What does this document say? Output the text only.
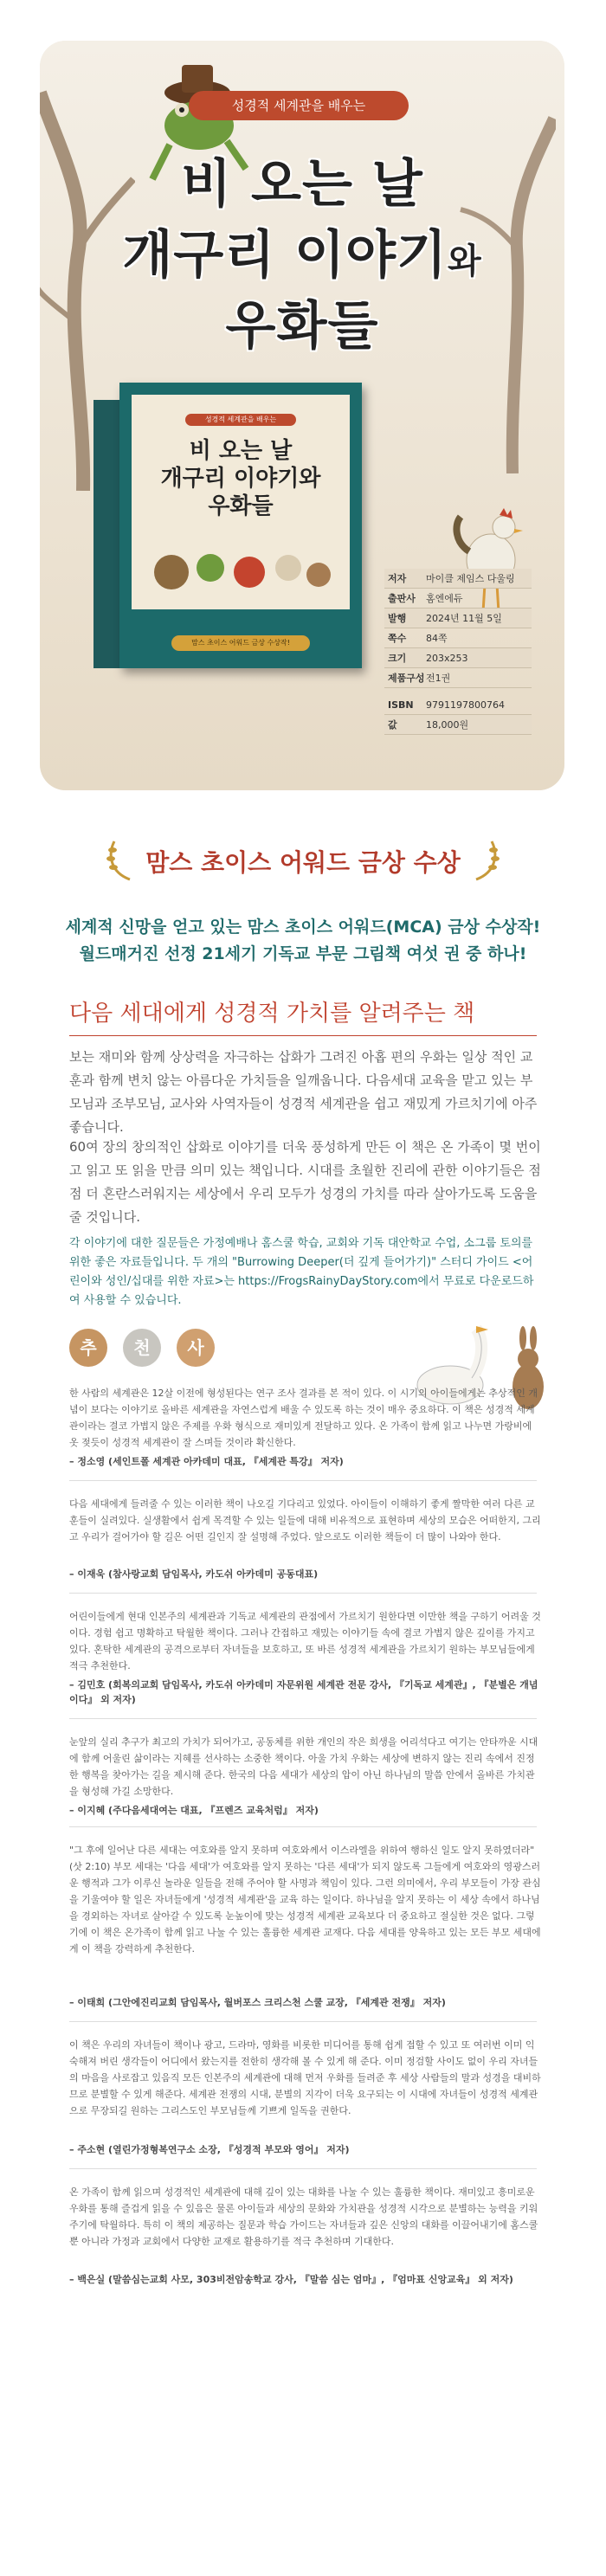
성경적 세계관을 배우는
비 오는 날
개구리 이야기와
우화들
성경적 세계관을 배우는
비 오는 날
개구리 이야기와
우화들
맘스 초이스 어워드 금상 수상작!
저자	마이클 제임스 다울링
출판사	홈엔에듀
발행	2024년 11월 5일
쪽수	84쪽
크기	203x253
제품구성 전1권
ISBN	9791197800764
값	18,000원
맘스 초이스 어워드 금상 수상
세계적 신망을 얻고 있는 맘스 초이스 어워드(MCA) 금상 수상작!
월드매거진 선정 21세기 기독교 부문 그림책 여섯 권 중 하나!
다음 세대에게 성경적 가치를 알려주는 책
보는 재미와 함께 상상력을 자극하는 삽화가 그려진 아홉 편의 우화는 일상 적인 교훈과 함께 변치 않는 아름다운 가치들을 일깨웁니다. 다음세대 교육을 맡고 있는 부모님과 조부모님, 교사와 사역자들이 성경적 세계관을 쉽고 재밌게 가르치기에 아주 좋습니다.
60여 장의 창의적인 삽화로 이야기를 더욱 풍성하게 만든 이 책은 온 가족이 몇 번이고 읽고 또 읽을 만큼 의미 있는 책입니다. 시대를 초월한 진리에 관한 이야기들은 점점 더 혼란스러워지는 세상에서 우리 모두가 성경의 가치를 따라 살아가도록 도움을 줄 것입니다.
각 이야기에 대한 질문들은 가정예배나 홈스쿨 학습, 교회와 기독 대안학교 수업, 소그룹 토의를 위한 좋은 자료들입니다. 두 개의 "Burrowing Deeper(더 깊게 들어가기)" 스터디 가이드 <어린이와 성인/십대를 위한 자료>는 https://FrogsRainyDayStory.com에서 무료로 다운로드하여 사용할 수 있습니다.
추	천	사
한 사람의 세계관은 12살 이전에 형성된다는 연구 조사 결과를 본 적이 있다. 이 시기의 아이들에게는 추상적인 개념이 보다는 이야기로 올바른 세계관을 자연스럽게 배울 수 있도록 하는 것이 매우 중요하다. 이 책은 성경적 세계관이라는 결코 가볍지 않은 주제를 우화 형식으로 재미있게 전달하고 있다. 온 가족이 함께 읽고 나누면 가랑비에 옷 젖듯이 성경적 세계관이 잘 스며들 것이라 확신한다.
– 정소영 (세인트폴 세계관 아카데미 대표, 『세계관 특강』 저자)
다음 세대에게 들려줄 수 있는 이러한 책이 나오길 기다리고 있었다. 아이들이 이해하기 좋게 짤막한 여러 다른 교훈들이 실려있다. 실생활에서 쉽게 목격할 수 있는 일들에 대해 비유적으로 표현하며 세상의 모습은 어떠한지, 그리고 우리가 걸어가야 할 길은 어떤 길인지 잘 설명해 주었다. 앞으로도 이러한 책들이 더 많이 나와야 한다.
– 이재욱 (참사랑교회 담임목사, 카도쉬 아카데미 공동대표)
어린이들에게 현대 인본주의 세계관과 기독교 세계관의 관점에서 가르치기 원한다면 이만한 책을 구하기 어려울 것이다. 경험 쉽고 명확하고 탁월한 책이다. 그러나 간접하고 재밌는 이야기들 속에 결코 가볍지 않은 깊이를 가지고 있다. 혼탁한 세계관의 공격으로부터 자녀들을 보호하고, 또 바른 성경적 세계관을 가르치기 원하는 부모님들에게 적극 추천한다.
– 김민호 (회복의교회 담임목사, 카도쉬 아카데미 자문위원 세계관 전문 강사, 『기독교 세계관』, 『분별은 개념이다』 외 저자)
눈앞의 실리 추구가 최고의 가치가 되어가고, 공동체를 위한 개인의 작은 희생을 어리석다고 여기는 안타까운 시대에 함께 어울린 삶이라는 지혜를 선사하는 소중한 책이다. 아울 가치 우화는 세상에 변하지 않는 진리 속에서 진정한 행복을 찾아가는 길을 제시해 준다. 한국의 다음 세대가 세상의 압이 아닌 하나님의 말씀 안에서 올바른 가치관을 형성해 가길 소망한다.
– 이지혜 (주다음세대여는 대표, 『프렌즈 교육처럼』 저자)
"그 후에 일어난 다른 세대는 여호와를 알지 못하며 여호와께서 이스라엘을 위하여 행하신 일도 알지 못하였더라" (삿 2:10) 부모 세대는 '다음 세대'가 여호와를 알지 못하는 '다른 세대'가 되지 않도록 그들에게 여호와의 영광스러운 행적과 그가 이루신 놀라운 일들을 전해 주어야 할 사명과 책임이 있다. 그런 의미에서, 우리 부모들이 가장 관심을 기울여야 할 일은 자녀들에게 '성경적 세계관'을 교육 하는 일이다. 하나님을 알지 못하는 이 세상 속에서 하나님을 경외하는 자녀로 살아갈 수 있도록 눈높이에 맞는 성경적 세계관 교육보다 더 중요하고 절실한 것은 없다. 그렇기에 이 책은 온가족이 함께 읽고 나눌 수 있는 훌륭한 세계관 교재다. 다음 세대를 양육하고 있는 모든 부모 세대에게 이 책을 강력하게 추천한다.
– 이태희 (그안에진리교회 담임목사, 월버포스 크리스천 스쿨 교장, 『세계관 전쟁』 저자)
이 책은 우리의 자녀들이 책이나 광고, 드라마, 영화를 비롯한 미디어를 통해 쉽게 접할 수 있고 또 여러번 이미 익숙해져 버린 생각들이 어디에서 왔는지를 전한히 생각해 볼 수 있게 해 준다. 이미 정검할 사이도 없이 우리 자녀들의 마음을 사로잡고 있음직 모든 인본주의 세계관에 대해 먼저 우화를 들려준 후 세상 사람들의 말과 성경을 대비하므로 분별할 수 있게 해준다. 세계관 전쟁의 시대, 분별의 지각이 더욱 요구되는 이 시대에 자녀들이 성경적 세계관으로 무장되길 원하는 그리스도인 부모님들께 기쁘게 일독을 권한다.
– 주소현 (열린가정형복연구소 소장, 『성경적 부모와 영어』 저자)
온 가족이 함께 읽으며 성경적인 세계관에 대해 깊이 있는 대화를 나눌 수 있는 훌륭한 책이다. 재미있고 흥미로운 우화를 통해 즐겁게 읽을 수 있음은 물론 아이들과 세상의 문화와 가치관을 성경적 시각으로 분별하는 능력을 키워주기에 탁월하다. 특히 이 책의 제공하는 질문과 학습 가이드는 자녀들과 깊은 신앙의 대화를 이끌어내기에 홈스쿨뿐 아니라 가정과 교회에서 다양한 교재로 활용하기를 적극 추천하며 기대한다.
– 백은실 (말씀심는교회 사모, 303비전암송학교 강사, 『말씀 심는 엄마』, 『엄마표 신앙교육』 외 저자)
